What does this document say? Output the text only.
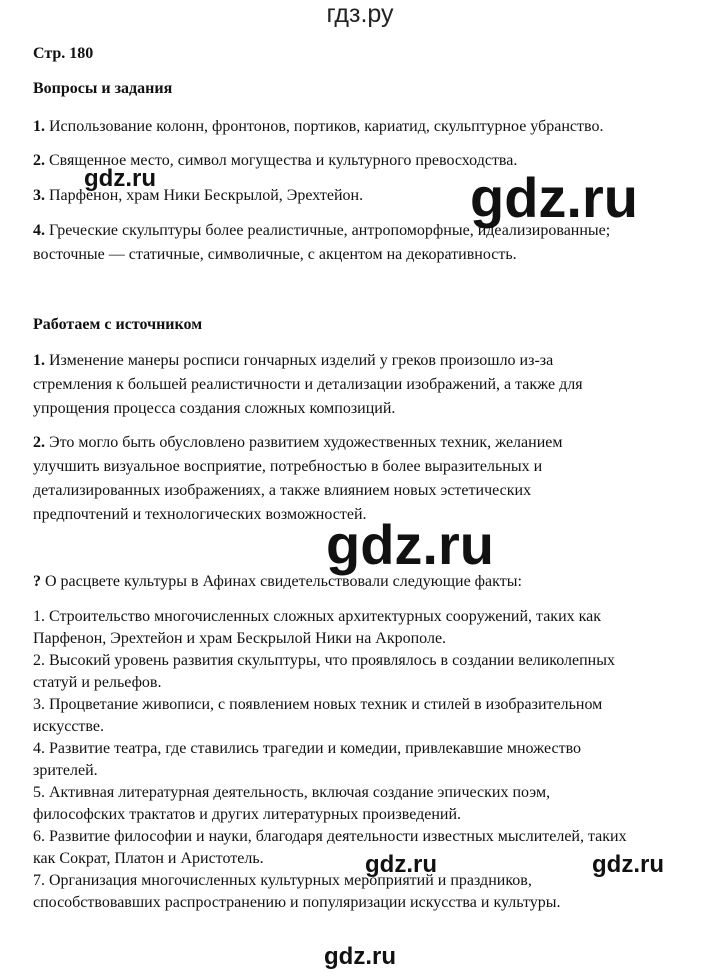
гдз.ру
Стр. 180
Вопросы и задания
1. Использование колонн, фронтонов, портиков, кариатид, скульптурное убранство.
2. Священное место, символ могущества и культурного превосходства.
3. Парфенон, храм Ники Бескрылой, Эрехтейон.
4. Греческие скульптуры более реалистичные, антропоморфные, идеализированные;
восточные — статичные, символичные, с акцентом на декоративность.
Работаем с источником
1. Изменение манеры росписи гончарных изделий у греков произошло из-за
стремления к большей реалистичности и детализации изображений, а также для
упрощения процесса создания сложных композиций.
2. Это могло быть обусловлено развитием художественных техник, желанием
улучшить визуальное восприятие, потребностью в более выразительных и
детализированных изображениях, а также влиянием новых эстетических
предпочтений и технологических возможностей.
? О расцвете культуры в Афинах свидетельствовали следующие факты:
1. Строительство многочисленных сложных архитектурных сооружений, таких как
Парфенон, Эрехтейон и храм Бескрылой Ники на Акрополе.
2. Высокий уровень развития скульптуры, что проявлялось в создании великолепных
статуй и рельефов.
3. Процветание живописи, с появлением новых техник и стилей в изобразительном
искусстве.
4. Развитие театра, где ставились трагедии и комедии, привлекавшие множество
зрителей.
5. Активная литературная деятельность, включая создание эпических поэм,
философских трактатов и других литературных произведений.
6. Развитие философии и науки, благодаря деятельности известных мыслителей, таких
как Сократ, Платон и Аристотель.
7. Организация многочисленных культурных мероприятий и праздников,
способствовавших распространению и популяризации искусства и культуры.
gdz.ru	gdz.ru
gdz.ru
gdz.ru	gdz.ru
gdz.ru
